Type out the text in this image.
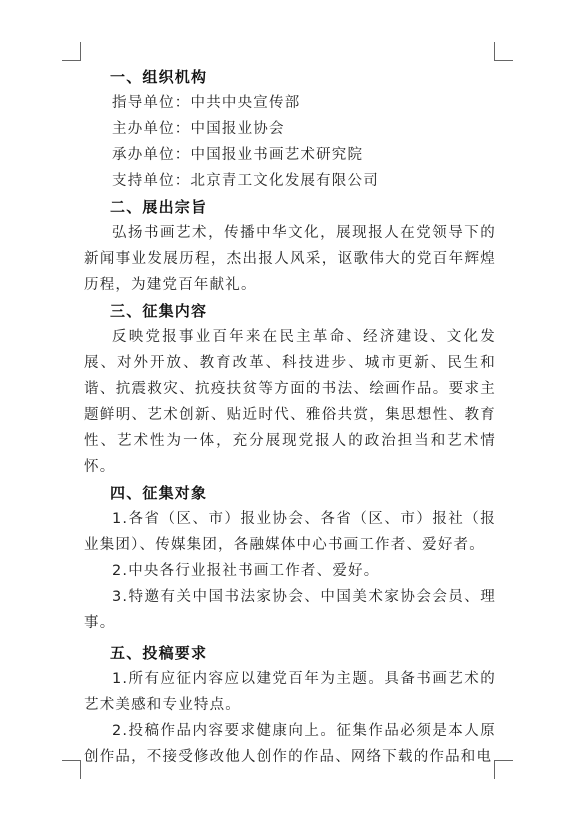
一、组织机构
指导单位：中共中央宣传部
主办单位：中国报业协会
承办单位：中国报业书画艺术研究院
支持单位：北京青工文化发展有限公司
二、展出宗旨

弘扬书画艺术，传播中华文化，展现报人在党领导下的新闻事业发展历程，杰出报人风采，讴歌伟大的党百年辉煌历程，为建党百年献礼。

三、征集内容

反映党报事业百年来在民主革命、经济建设、文化发展、对外开放、教育改革、科技进步、城市更新、民生和谐、抗震救灾、抗疫扶贫等方面的书法、绘画作品。要求主题鲜明、艺术创新、贴近时代、雅俗共赏，集思想性、教育性、艺术性为一体，充分展现党报人的政治担当和艺术情怀。

四、征集对象

1.各省（区、市）报业协会、各省（区、市）报社（报业集团）、传媒集团，各融媒体中心书画工作者、爱好者。

2.中央各行业报社书画工作者、爱好。

3.特邀有关中国书法家协会、中国美术家协会会员、理事。

五、投稿要求

1.所有应征内容应以建党百年为主题。具备书画艺术的艺术美感和专业特点。

2.投稿作品内容要求健康向上。征集作品必须是本人原创作品，不接受修改他人创作的作品、网络下载的作品和电
